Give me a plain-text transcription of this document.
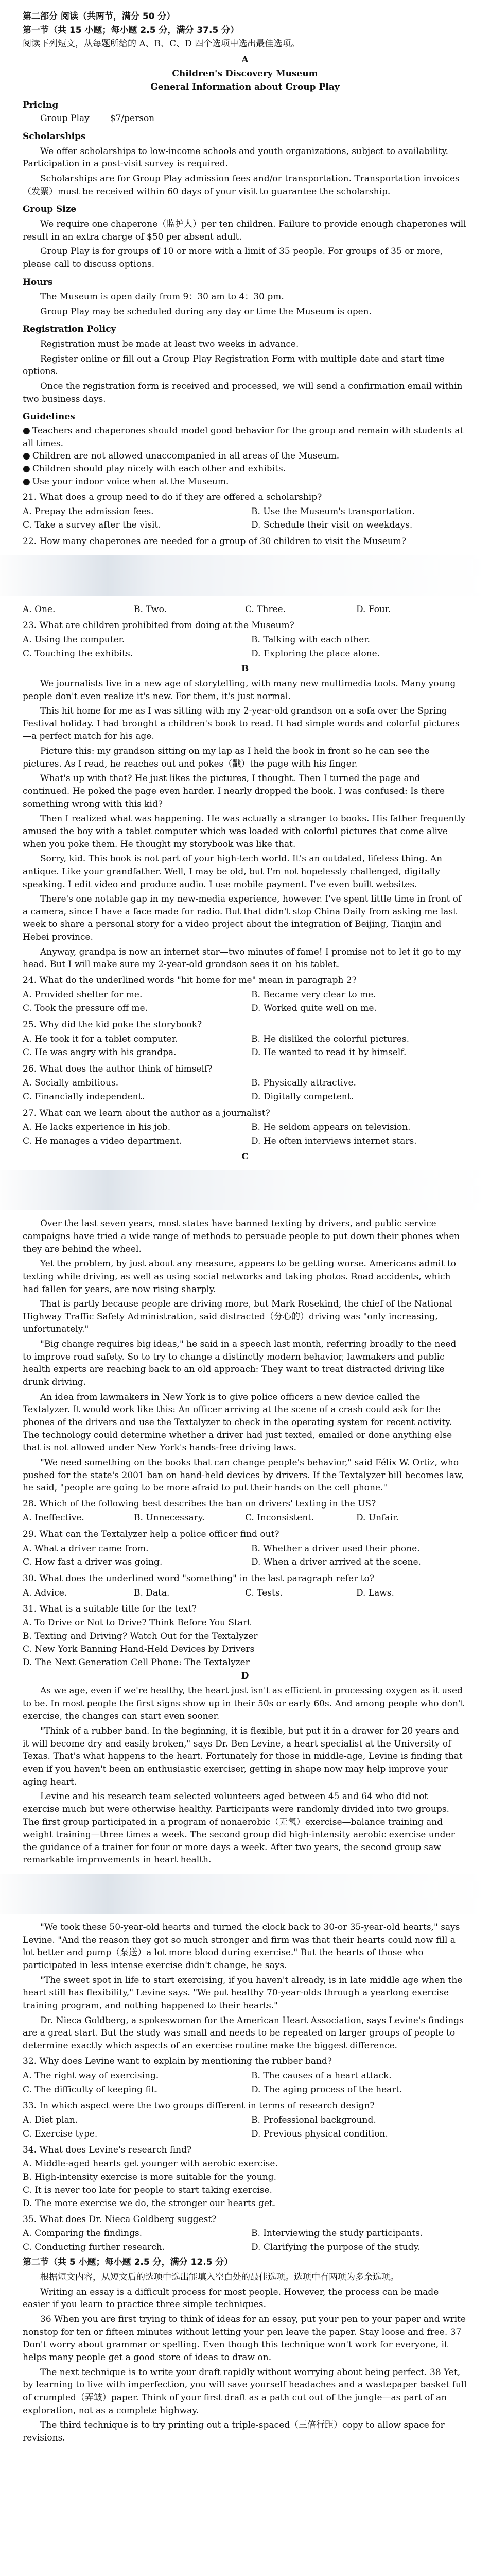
第二部分 阅读（共两节，满分 50 分）
第一节（共 15 小题；每小题 2.5 分，满分 37.5 分）
阅读下列短文，从每题所给的 A、B、C、D 四个选项中选出最佳选项。
A
Children's Discovery Museum
General Information about Group Play
Pricing
Group Play $7/person
Scholarships

We offer scholarships to low-income schools and youth organizations, subject to availability. Participation in a post-visit survey is required.

Scholarships are for Group Play admission fees and/or transportation. Transportation invoices（发票）must be received within 60 days of your visit to guarantee the scholarship.

Group Size

We require one chaperone（监护人）per ten children. Failure to provide enough chaperones will result in an extra charge of $50 per absent adult.

Group Play is for groups of 10 or more with a limit of 35 people. For groups of 35 or more, please call to discuss options.

Hours

The Museum is open daily from 9：30 am to 4：30 pm.

Group Play may be scheduled during any day or time the Museum is open.

Registration Policy

Registration must be made at least two weeks in advance.

Register online or fill out a Group Play Registration Form with multiple date and start time options.

Once the registration form is received and processed, we will send a confirmation email within two business days.

Guidelines
● Teachers and chaperones should model good behavior for the group and remain with students at all times.
● Children are not allowed unaccompanied in all areas of the Museum.
● Children should play nicely with each other and exhibits.
● Use your indoor voice when at the Museum.
21. What does a group need to do if they are offered a scholarship?
A. Prepay the admission fees.	B. Use the Museum's transportation.
C. Take a survey after the visit.	D. Schedule their visit on weekdays.
22. How many chaperones are needed for a group of 30 children to visit the Museum?
A. One.	B. Two.	C. Three.	D. Four.
23. What are children prohibited from doing at the Museum?
A. Using the computer.	B. Talking with each other.
C. Touching the exhibits.	D. Exploring the place alone.
B

We journalists live in a new age of storytelling, with many new multimedia tools. Many young people don't even realize it's new. For them, it's just normal.

This hit home for me as I was sitting with my 2-year-old grandson on a sofa over the Spring Festival holiday. I had brought a children's book to read. It had simple words and colorful pictures—a perfect match for his age.

Picture this: my grandson sitting on my lap as I held the book in front so he can see the pictures. As I read, he reaches out and pokes（戳）the page with his finger.

What's up with that? He just likes the pictures, I thought. Then I turned the page and continued. He poked the page even harder. I nearly dropped the book. I was confused: Is there something wrong with this kid?

Then I realized what was happening. He was actually a stranger to books. His father frequently amused the boy with a tablet computer which was loaded with colorful pictures that come alive when you poke them. He thought my storybook was like that.

Sorry, kid. This book is not part of your high-tech world. It's an outdated, lifeless thing. An antique. Like your grandfather. Well, I may be old, but I'm not hopelessly challenged, digitally speaking. I edit video and produce audio. I use mobile payment. I've even built websites.

There's one notable gap in my new-media experience, however. I've spent little time in front of a camera, since I have a face made for radio. But that didn't stop China Daily from asking me last week to share a personal story for a video project about the integration of Beijing, Tianjin and Hebei province.

Anyway, grandpa is now an internet star—two minutes of fame! I promise not to let it go to my head. But I will make sure my 2-year-old grandson sees it on his tablet.

24. What do the underlined words "hit home for me" mean in paragraph 2?
A. Provided shelter for me.	B. Became very clear to me.
C. Took the pressure off me.	D. Worked quite well on me.
25. Why did the kid poke the storybook?
A. He took it for a tablet computer.	B. He disliked the colorful pictures.
C. He was angry with his grandpa.	D. He wanted to read it by himself.
26. What does the author think of himself?
A. Socially ambitious.	B. Physically attractive.
C. Financially independent.	D. Digitally competent.
27. What can we learn about the author as a journalist?
A. He lacks experience in his job.	B. He seldom appears on television.
C. He manages a video department.	D. He often interviews internet stars.
C

Over the last seven years, most states have banned texting by drivers, and public service campaigns have tried a wide range of methods to persuade people to put down their phones when they are behind the wheel.

Yet the problem, by just about any measure, appears to be getting worse. Americans admit to texting while driving, as well as using social networks and taking photos. Road accidents, which had fallen for years, are now rising sharply.

That is partly because people are driving more, but Mark Rosekind, the chief of the National Highway Traffic Safety Administration, said distracted（分心的）driving was "only increasing, unfortunately."

"Big change requires big ideas," he said in a speech last month, referring broadly to the need to improve road safety. So to try to change a distinctly modern behavior, lawmakers and public health experts are reaching back to an old approach: They want to treat distracted driving like drunk driving.

An idea from lawmakers in New York is to give police officers a new device called the Textalyzer. It would work like this: An officer arriving at the scene of a crash could ask for the phones of the drivers and use the Textalyzer to check in the operating system for recent activity. The technology could determine whether a driver had just texted, emailed or done anything else that is not allowed under New York's hands-free driving laws.

"We need something on the books that can change people's behavior," said Félix W. Ortiz, who pushed for the state's 2001 ban on hand-held devices by drivers. If the Textalyzer bill becomes law, he said, "people are going to be more afraid to put their hands on the cell phone."

28. Which of the following best describes the ban on drivers' texting in the US?
A. Ineffective.	B. Unnecessary.	C. Inconsistent.	D. Unfair.
29. What can the Textalyzer help a police officer find out?
A. What a driver came from.	B. Whether a driver used their phone.
C. How fast a driver was going.	D. When a driver arrived at the scene.
30. What does the underlined word "something" in the last paragraph refer to?
A. Advice.	B. Data.	C. Tests.	D. Laws.
31. What is a suitable title for the text?
A. To Drive or Not to Drive? Think Before You Start
B. Texting and Driving? Watch Out for the Textalyzer
C. New York Banning Hand-Held Devices by Drivers
D. The Next Generation Cell Phone: The Textalyzer
D

As we age, even if we're healthy, the heart just isn't as efficient in processing oxygen as it used to be. In most people the first signs show up in their 50s or early 60s. And among people who don't exercise, the changes can start even sooner.

"Think of a rubber band. In the beginning, it is flexible, but put it in a drawer for 20 years and it will become dry and easily broken," says Dr. Ben Levine, a heart specialist at the University of Texas. That's what happens to the heart. Fortunately for those in middle-age, Levine is finding that even if you haven't been an enthusiastic exerciser, getting in shape now may help improve your aging heart.

Levine and his research team selected volunteers aged between 45 and 64 who did not exercise much but were otherwise healthy. Participants were randomly divided into two groups. The first group participated in a program of nonaerobic（无氧）exercise—balance training and weight training—three times a week. The second group did high-intensity aerobic exercise under the guidance of a trainer for four or more days a week. After two years, the second group saw remarkable improvements in heart health.

"We took these 50-year-old hearts and turned the clock back to 30-or 35-year-old hearts," says Levine. "And the reason they got so much stronger and firm was that their hearts could now fill a lot better and pump（泵送）a lot more blood during exercise." But the hearts of those who participated in less intense exercise didn't change, he says.

"The sweet spot in life to start exercising, if you haven't already, is in late middle age when the heart still has flexibility," Levine says. "We put healthy 70-year-olds through a yearlong exercise training program, and nothing happened to their hearts."

Dr. Nieca Goldberg, a spokeswoman for the American Heart Association, says Levine's findings are a great start. But the study was small and needs to be repeated on larger groups of people to determine exactly which aspects of an exercise routine make the biggest difference.

32. Why does Levine want to explain by mentioning the rubber band?
A. The right way of exercising.	B. The causes of a heart attack.
C. The difficulty of keeping fit.	D. The aging process of the heart.
33. In which aspect were the two groups different in terms of research design?
A. Diet plan.	B. Professional background.
C. Exercise type.	D. Previous physical condition.
34. What does Levine's research find?
A. Middle-aged hearts get younger with aerobic exercise.
B. High-intensity exercise is more suitable for the young.
C. It is never too late for people to start taking exercise.
D. The more exercise we do, the stronger our hearts get.
35. What does Dr. Nieca Goldberg suggest?
A. Comparing the findings.	B. Interviewing the study participants.
C. Conducting further research.	D. Clarifying the purpose of the study.
第二节（共 5 小题；每小题 2.5 分，满分 12.5 分）

根据短文内容，从短文后的选项中选出能填入空白处的最佳选项。选项中有两项为多余选项。

Writing an essay is a difficult process for most people. However, the process can be made easier if you learn to practice three simple techniques.

36 When you are first trying to think of ideas for an essay, put your pen to your paper and write nonstop for ten or fifteen minutes without letting your pen leave the paper. Stay loose and free. 37 Don't worry about grammar or spelling. Even though this technique won't work for everyone, it helps many people get a good store of ideas to draw on.

The next technique is to write your draft rapidly without worrying about being perfect. 38 Yet, by learning to live with imperfection, you will save yourself headaches and a wastepaper basket full of crumpled（弄皱）paper. Think of your first draft as a path cut out of the jungle—as part of an exploration, not as a complete highway.

The third technique is to try printing out a triple-spaced（三倍行距）copy to allow space for revisions.
